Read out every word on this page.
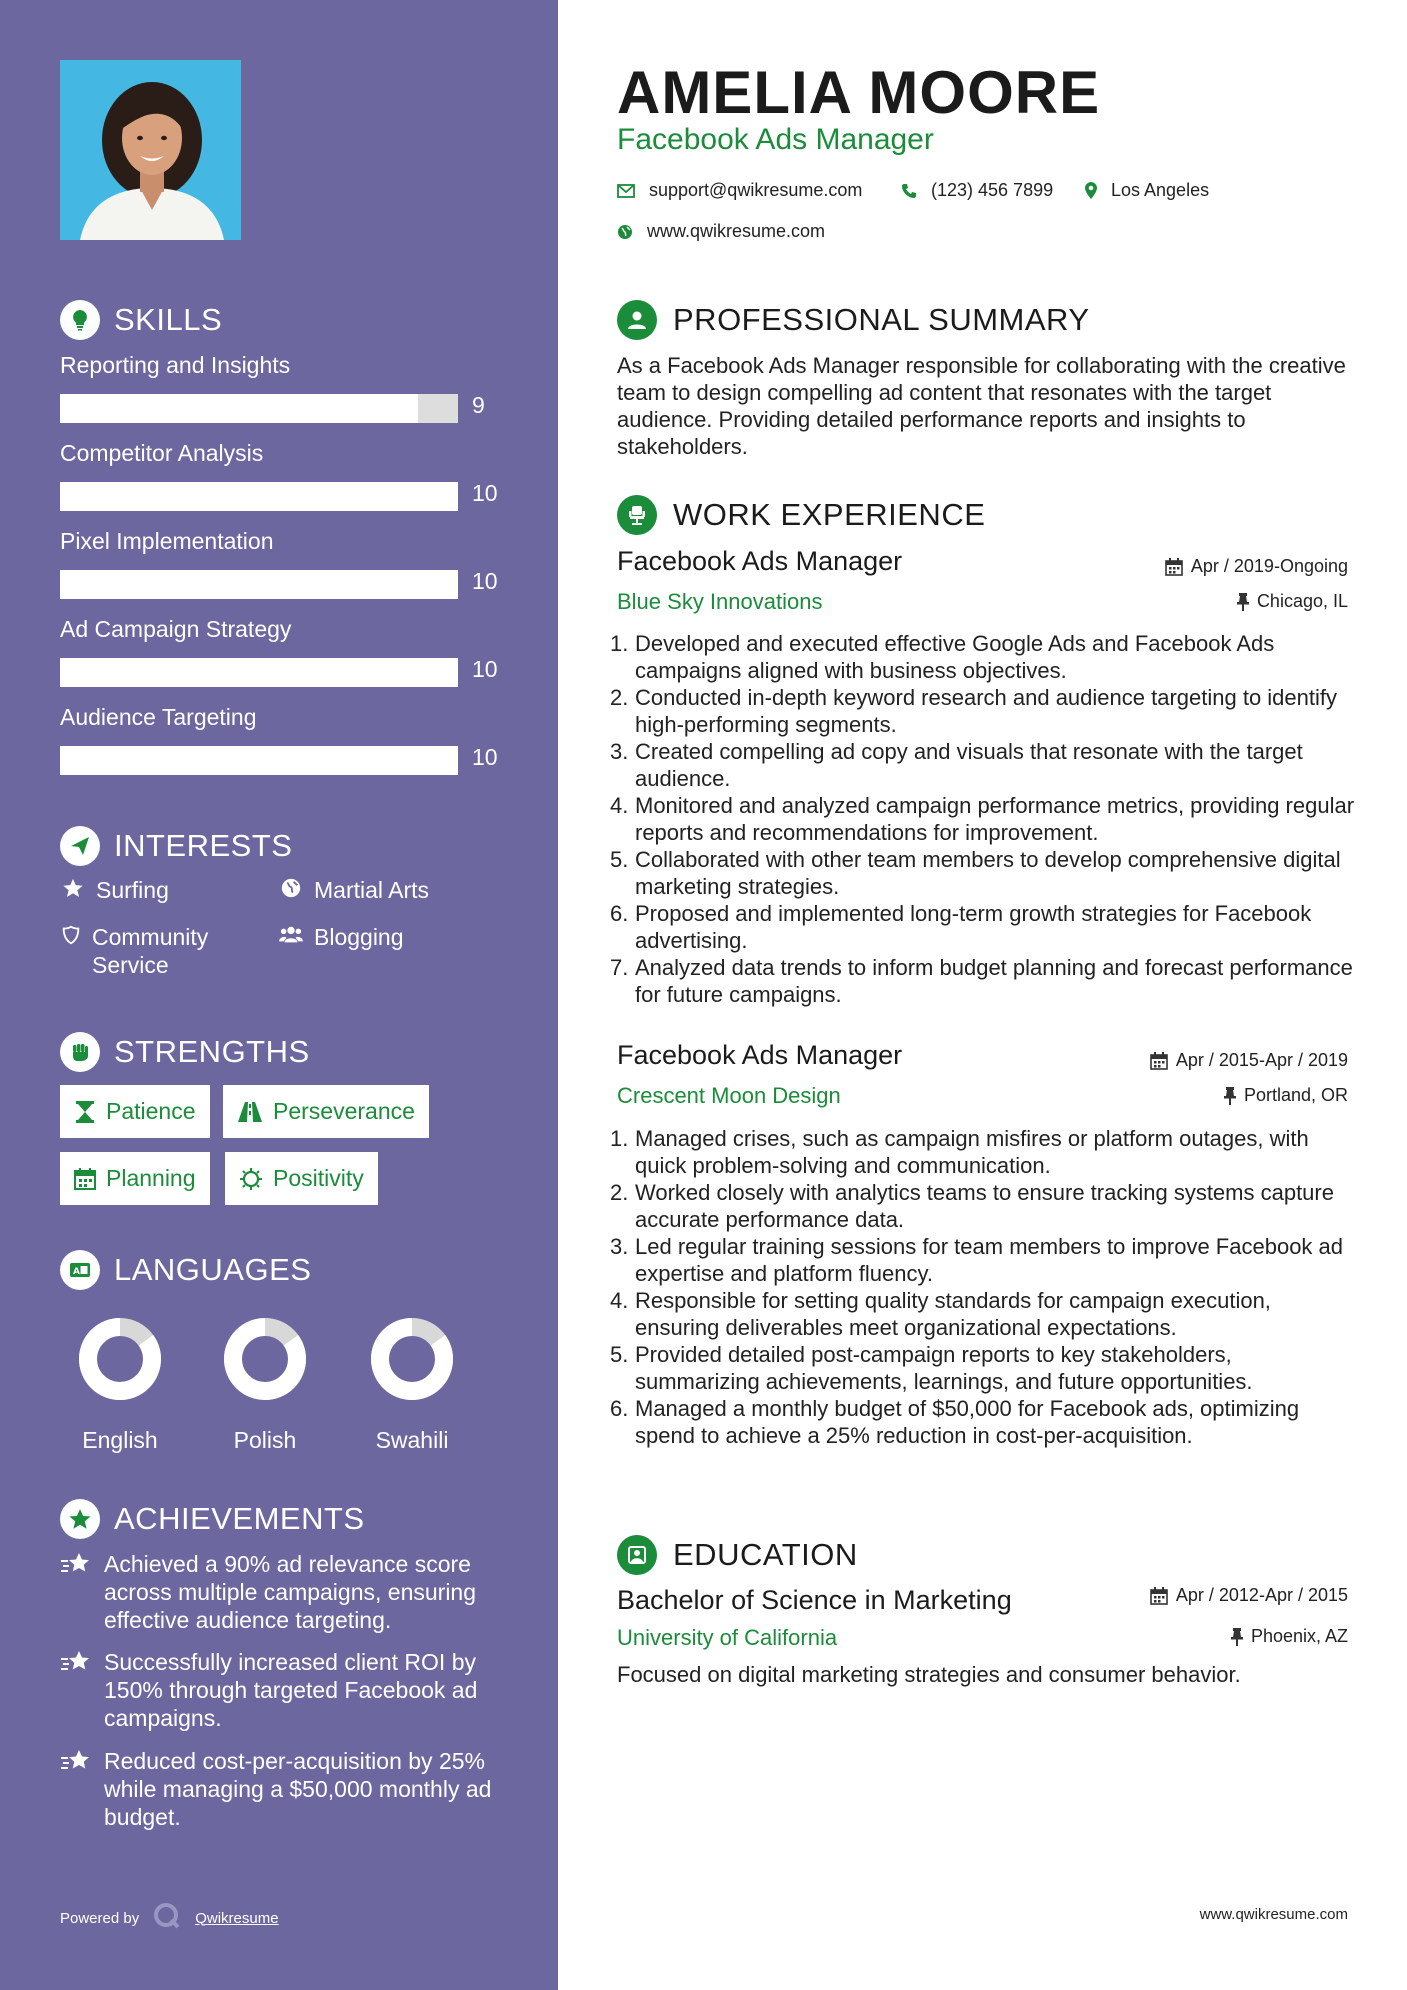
SKILLS
Reporting and Insights
9
Competitor Analysis
10
Pixel Implementation
10
Ad Campaign Strategy
10
Audience Targeting
10
INTERESTS
Surfing	Martial Arts
Community Service
Blogging
STRENGTHS
Patience	Perseverance
Planning	Positivity
A LANGUAGES
English	Polish	Swahili
ACHIEVEMENTS
Achieved a 90% ad relevance score across multiple campaigns, ensuring effective audience targeting.
Successfully increased client ROI by 150% through targeted Facebook ad campaigns.
Reduced cost-per-acquisition by 25% while managing a $50,000 monthly ad budget.
Powered by	Qwikresume
AMELIA MOORE
Facebook Ads Manager
support@qwikresume.com	(123) 456 7899	Los Angeles
www.qwikresume.com
PROFESSIONAL SUMMARY

As a Facebook Ads Manager responsible for collaborating with the creative team to design compelling ad content that resonates with the target audience. Providing detailed performance reports and insights to stakeholders.

WORK EXPERIENCE
Facebook Ads Manager	Apr / 2019-Ongoing
Blue Sky Innovations	Chicago, IL
Developed and executed effective Google Ads and Facebook Ads campaigns aligned with business objectives.
Conducted in-depth keyword research and audience targeting to identify high-performing segments.
Created compelling ad copy and visuals that resonate with the target audience.
Monitored and analyzed campaign performance metrics, providing regular reports and recommendations for improvement.
Collaborated with other team members to develop comprehensive digital marketing strategies.
Proposed and implemented long-term growth strategies for Facebook advertising.
Analyzed data trends to inform budget planning and forecast performance for future campaigns.
Facebook Ads Manager	Apr / 2015-Apr / 2019
Crescent Moon Design	Portland, OR
Managed crises, such as campaign misfires or platform outages, with quick problem-solving and communication.
Worked closely with analytics teams to ensure tracking systems capture accurate performance data.
Led regular training sessions for team members to improve Facebook ad expertise and platform fluency.
Responsible for setting quality standards for campaign execution, ensuring deliverables meet organizational expectations.
Provided detailed post-campaign reports to key stakeholders, summarizing achievements, learnings, and future opportunities.
Managed a monthly budget of $50,000 for Facebook ads, optimizing spend to achieve a 25% reduction in cost-per-acquisition.
EDUCATION
Bachelor of Science in Marketing	Apr / 2012-Apr / 2015
University of California	Phoenix, AZ
Focused on digital marketing strategies and consumer behavior.
www.qwikresume.com
